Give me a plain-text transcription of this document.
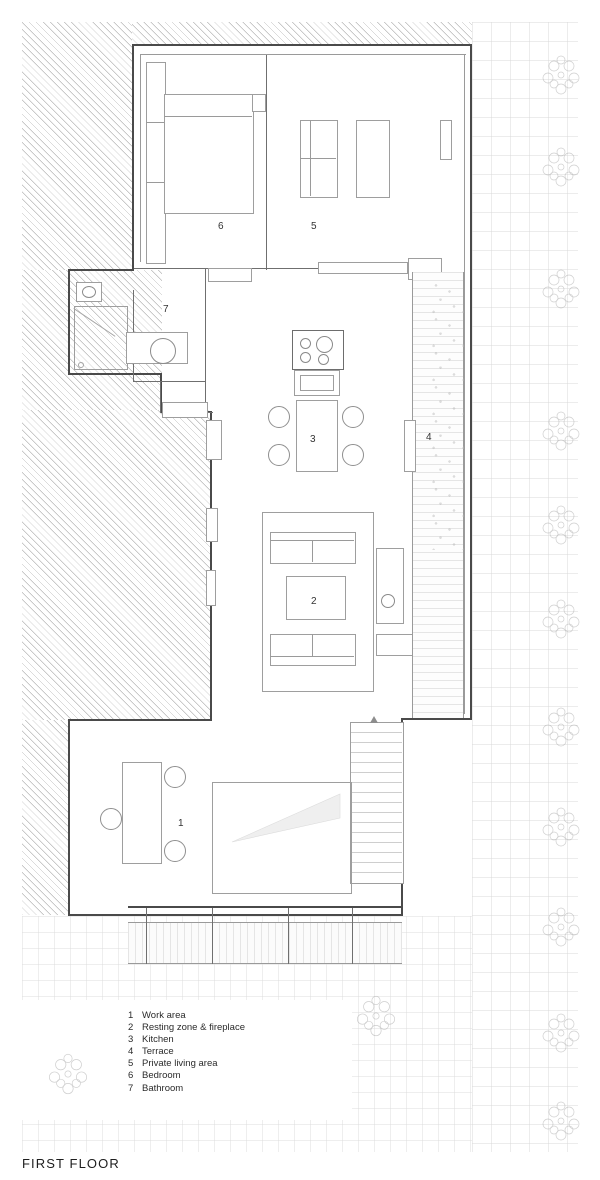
1
2
3	4
5
6
7
1 Work area
2 Resting zone & fireplace
3 Kitchen
4 Terrace
5 Private living area
6 Bedroom
7 Bathroom
FIRST FLOOR
